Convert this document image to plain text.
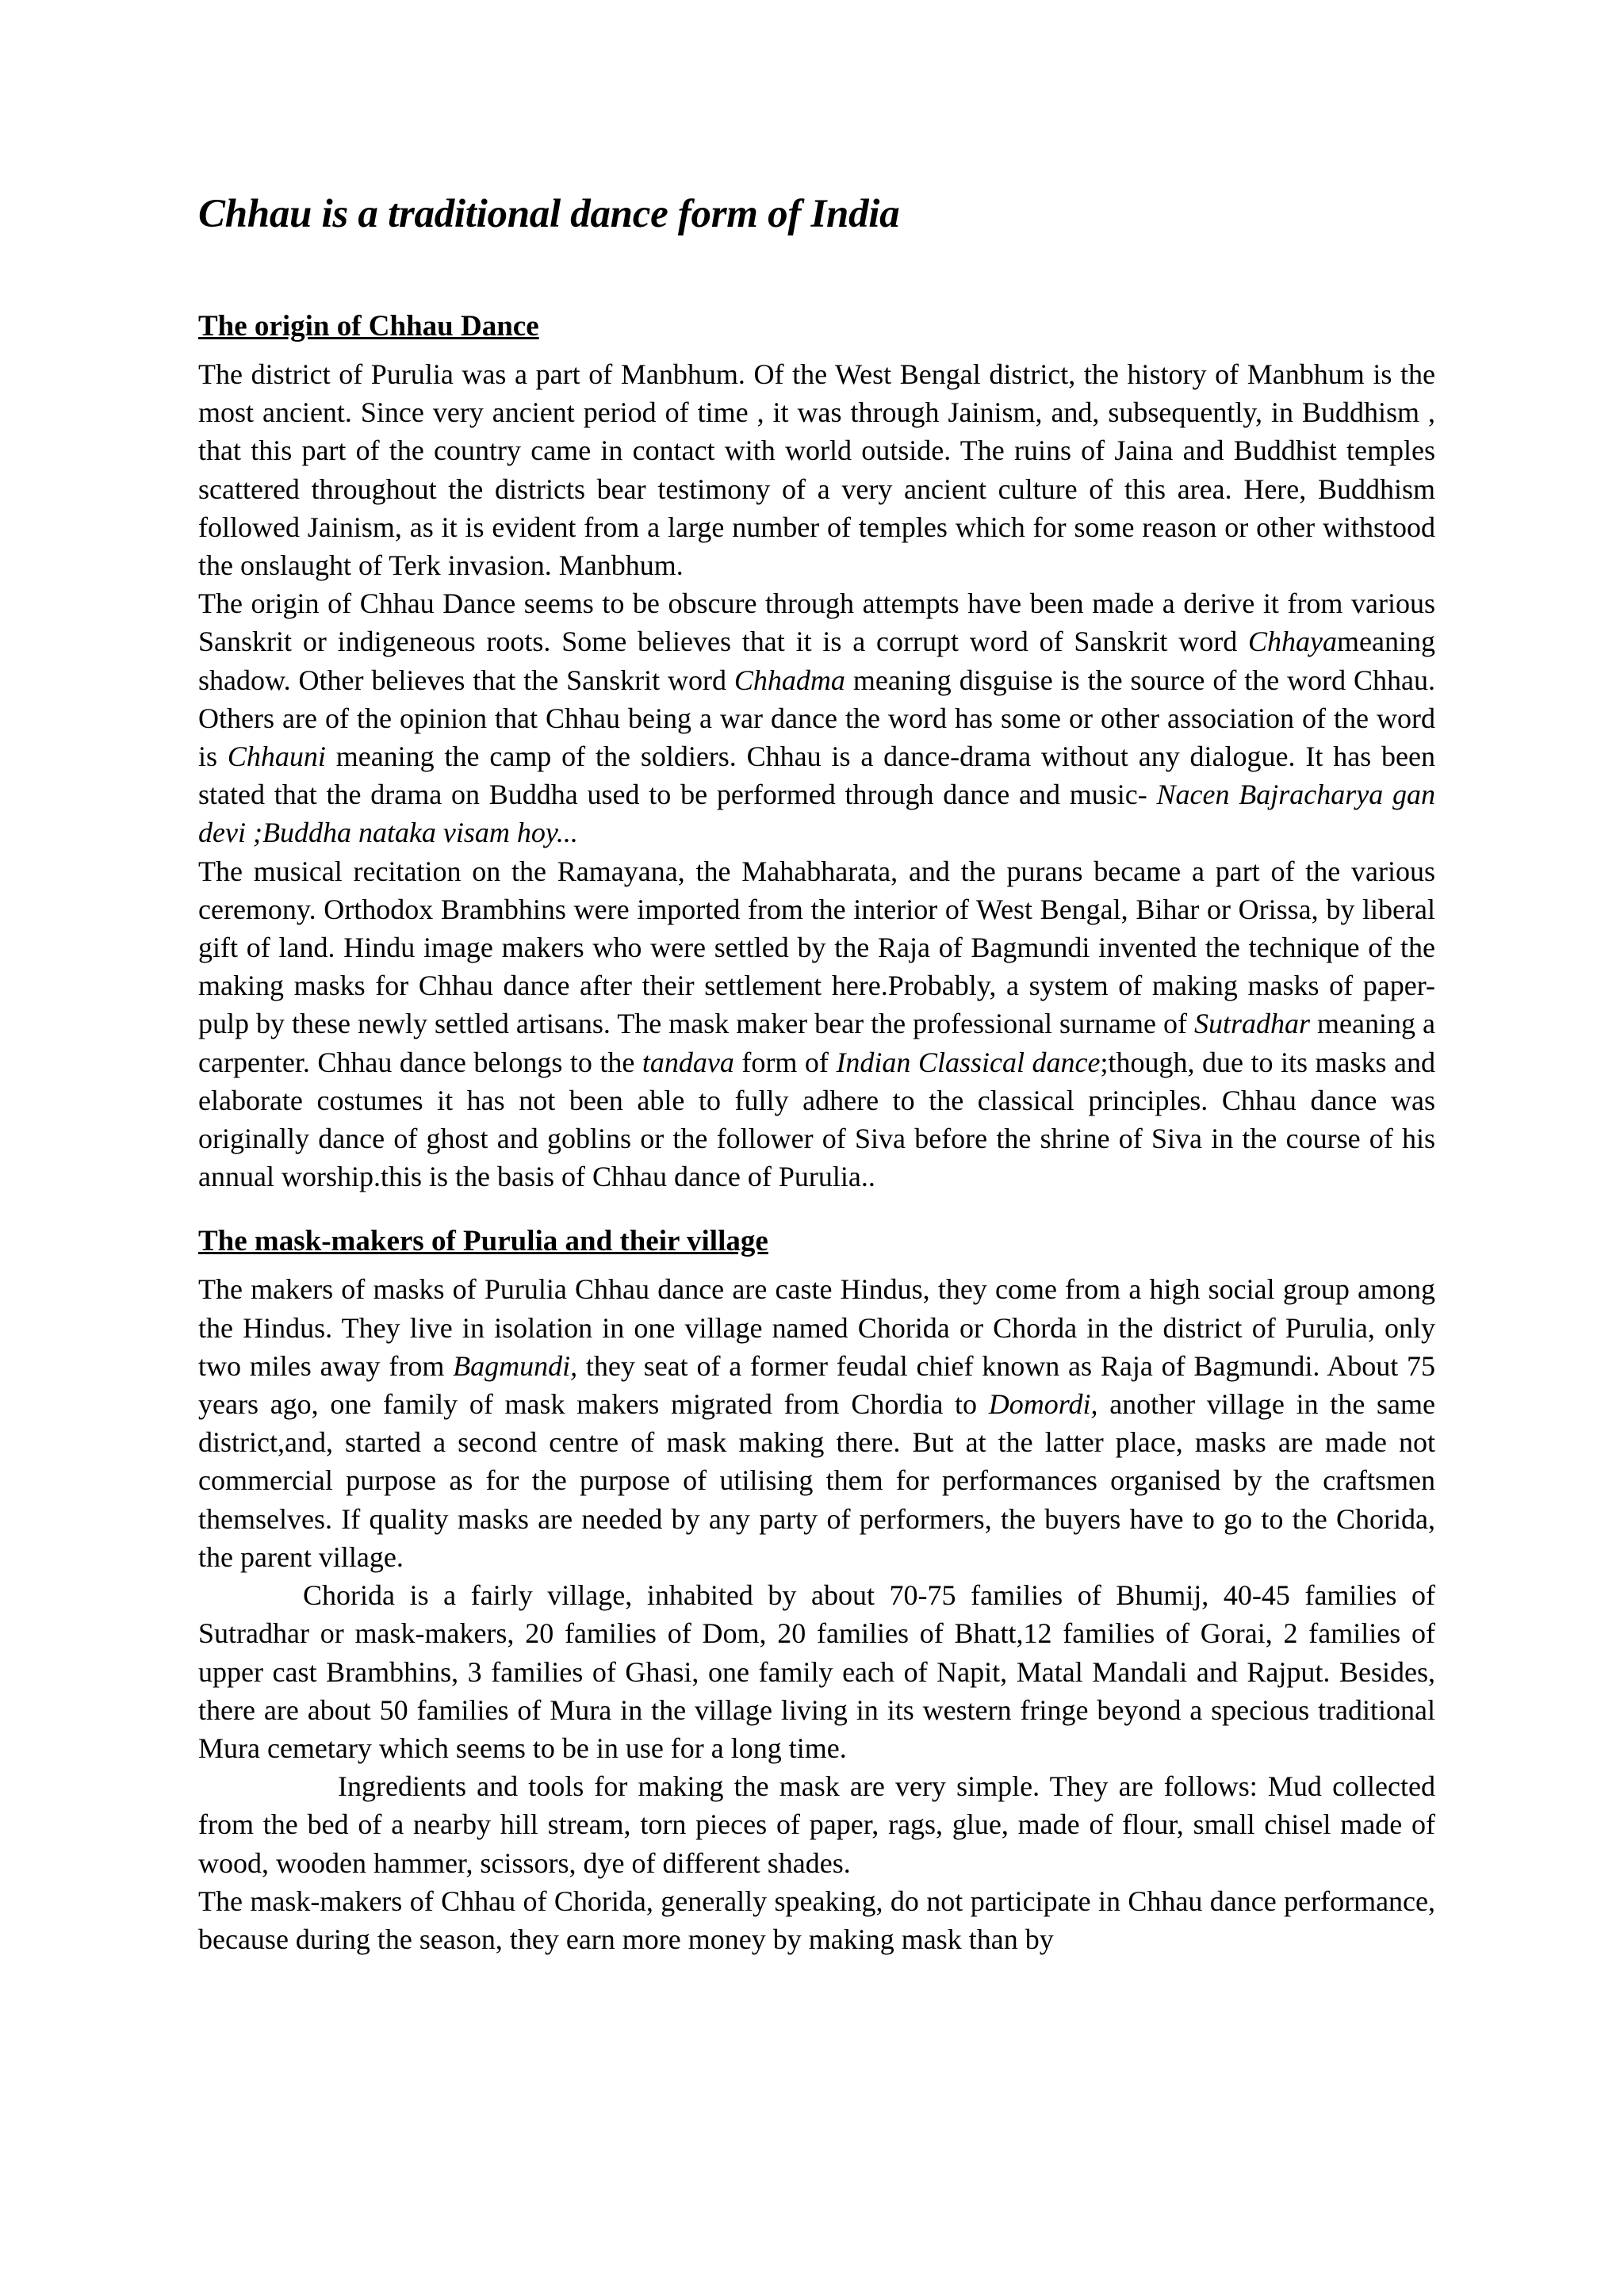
Chhau is a traditional dance form of India
The origin of Chhau Dance

The district of Purulia was a part of Manbhum. Of the West Bengal district, the history of Manbhum is the most ancient. Since very ancient period of time , it was through Jainism, and, subsequently, in Buddhism , that this part of the country came in contact with world outside. The ruins of Jaina and Buddhist temples scattered throughout the districts bear testimony of a very ancient culture of this area. Here, Buddhism followed Jainism, as it is evident from a large number of temples which for some reason or other withstood the onslaught of Terk invasion. Manbhum.

The origin of Chhau Dance seems to be obscure through attempts have been made a derive it from various Sanskrit or indigeneous roots. Some believes that it is a corrupt word of Sanskrit word Chhayameaning shadow. Other believes that the Sanskrit word Chhadma meaning disguise is the source of the word Chhau. Others are of the opinion that Chhau being a war dance the word has some or other association of the word is Chhauni meaning the camp of the soldiers. Chhau is a dance-drama without any dialogue. It has been stated that the drama on Buddha used to be performed through dance and music- Nacen Bajracharya gan devi ;Buddha nataka visam hoy...

The musical recitation on the Ramayana, the Mahabharata, and the purans became a part of the various ceremony. Orthodox Brambhins were imported from the interior of West Bengal, Bihar or Orissa, by liberal gift of land. Hindu image makers who were settled by the Raja of Bagmundi invented the technique of the making masks for Chhau dance after their settlement here.Probably, a system of making masks of paper-pulp by these newly settled artisans. The mask maker bear the professional surname of Sutradhar meaning a carpenter. Chhau dance belongs to the tandava form of Indian Classical dance;though, due to its masks and elaborate costumes it has not been able to fully adhere to the classical principles. Chhau dance was originally dance of ghost and goblins or the follower of Siva before the shrine of Siva in the course of his annual worship.this is the basis of Chhau dance of Purulia..

The mask-makers of Purulia and their village

The makers of masks of Purulia Chhau dance are caste Hindus, they come from a high social group among the Hindus. They live in isolation in one village named Chorida or Chorda in the district of Purulia, only two miles away from Bagmundi, they seat of a former feudal chief known as Raja of Bagmundi. About 75 years ago, one family of mask makers migrated from Chordia to Domordi, another village in the same district,and, started a second centre of mask making there. But at the latter place, masks are made not commercial purpose as for the purpose of utilising them for performances organised by the craftsmen themselves. If quality masks are needed by any party of performers, the buyers have to go to the Chorida, the parent village.

Chorida is a fairly village, inhabited by about 70-75 families of Bhumij, 40-45 families of Sutradhar or mask-makers, 20 families of Dom, 20 families of Bhatt,12 families of Gorai, 2 families of upper cast Brambhins, 3 families of Ghasi, one family each of Napit, Matal Mandali and Rajput. Besides, there are about 50 families of Mura in the village living in its western fringe beyond a specious traditional Mura cemetary which seems to be in use for a long time.

Ingredients and tools for making the mask are very simple. They are follows: Mud collected from the bed of a nearby hill stream, torn pieces of paper, rags, glue, made of flour, small chisel made of wood, wooden hammer, scissors, dye of different shades.

The mask-makers of Chhau of Chorida, generally speaking, do not participate in Chhau dance performance, because during the season, they earn more money by making mask than by
